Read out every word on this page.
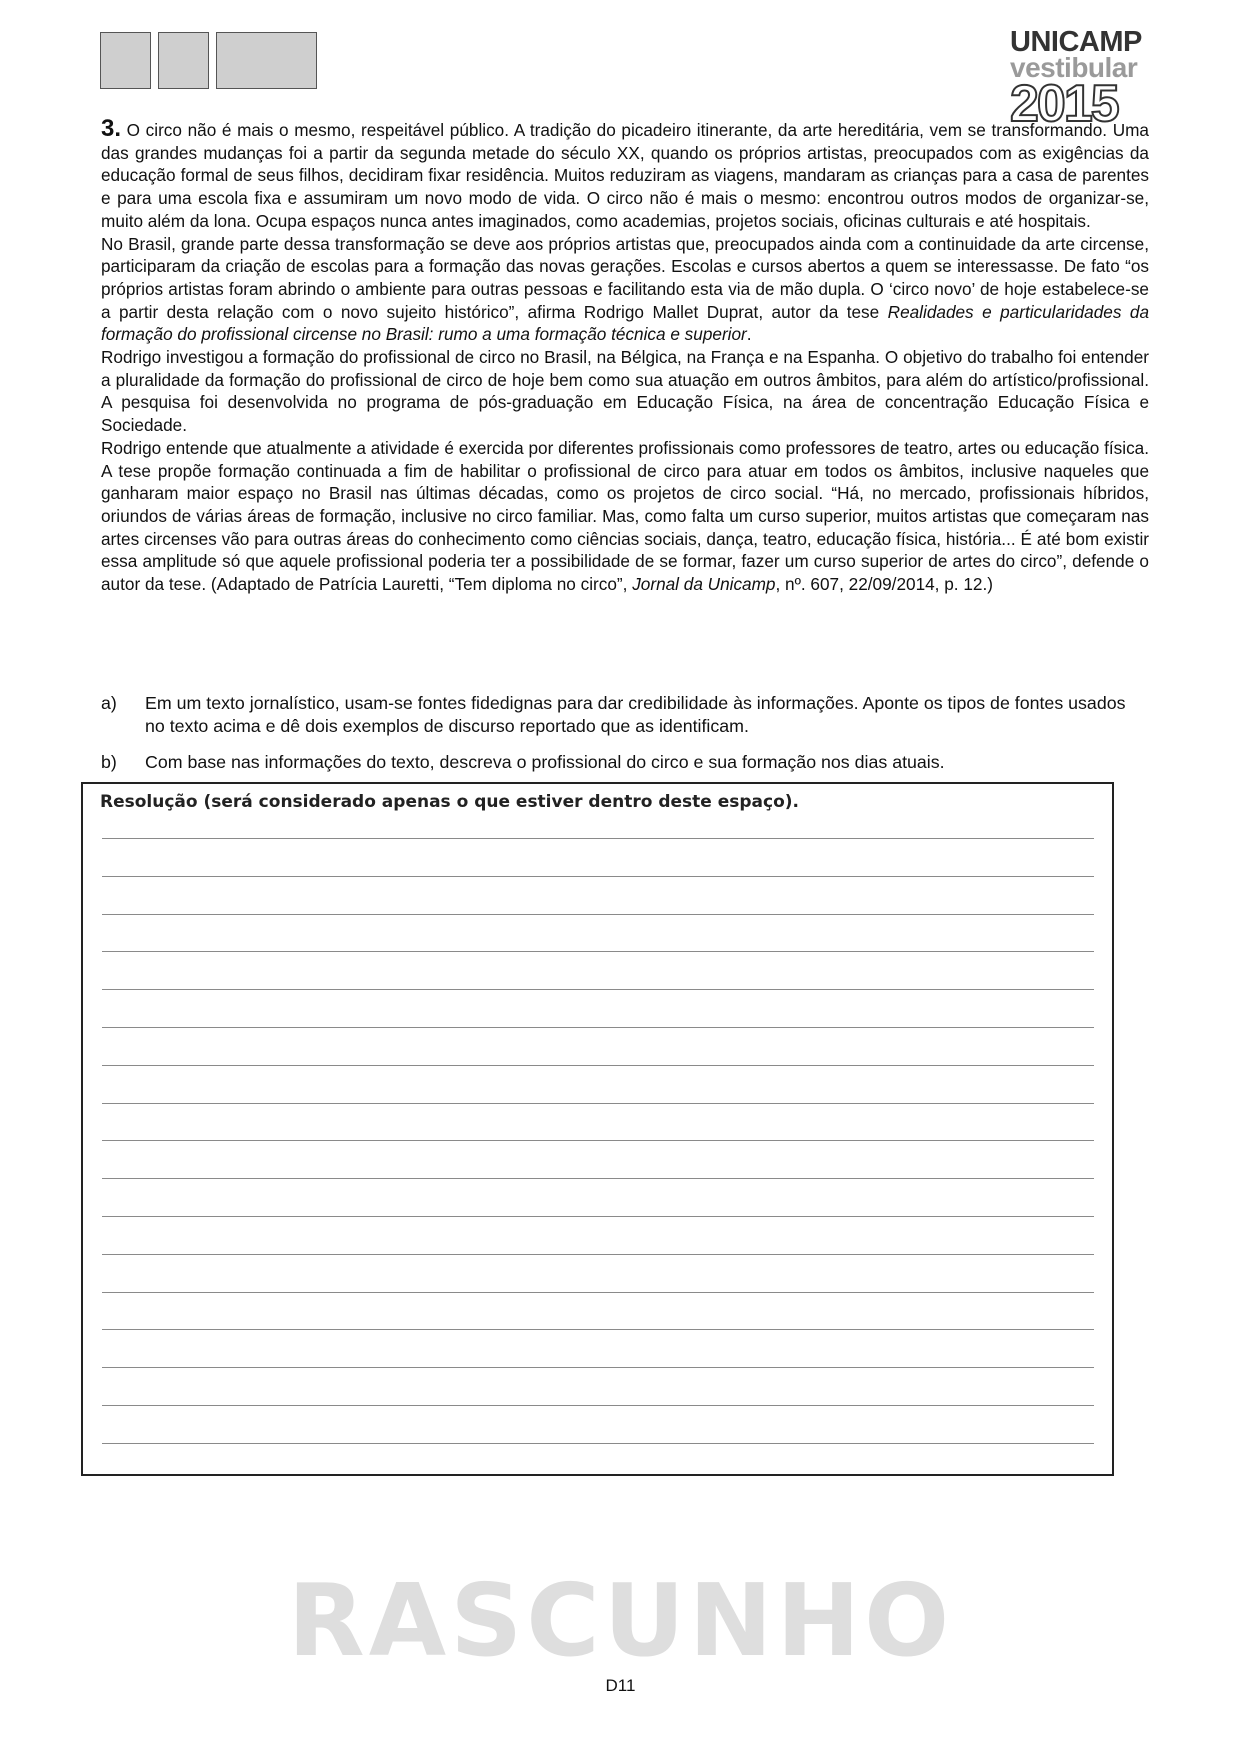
UNICAMP
vestibular
2015

3. O circo não é mais o mesmo, respeitável público. A tradição do picadeiro itinerante, da arte hereditária, vem se transformando. Uma das grandes mudanças foi a partir da segunda metade do século XX, quando os próprios artistas, preocupados com as exigências da educação formal de seus filhos, decidiram fixar residência. Muitos reduziram as viagens, mandaram as crianças para a casa de parentes e para uma escola fixa e assumiram um novo modo de vida. O circo não é mais o mesmo: encontrou outros modos de organizar-se, muito além da lona. Ocupa espaços nunca antes imaginados, como academias, projetos sociais, oficinas culturais e até hospitais.

No Brasil, grande parte dessa transformação se deve aos próprios artistas que, preocupados ainda com a continuidade da arte circense, participaram da criação de escolas para a formação das novas gerações. Escolas e cursos abertos a quem se interessasse. De fato “os próprios artistas foram abrindo o ambiente para outras pessoas e facilitando esta via de mão dupla. O ‘circo novo’ de hoje estabelece-se a partir desta relação com o novo sujeito histórico”, afirma Rodrigo Mallet Duprat, autor da tese Realidades e particularidades da formação do profissional circense no Brasil: rumo a uma formação técnica e superior.

Rodrigo investigou a formação do profissional de circo no Brasil, na Bélgica, na França e na Espanha. O objetivo do trabalho foi entender a pluralidade da formação do profissional de circo de hoje bem como sua atuação em outros âmbitos, para além do artístico/profissional. A pesquisa foi desenvolvida no programa de pós-graduação em Educação Física, na área de concentração Educação Física e Sociedade.

Rodrigo entende que atualmente a atividade é exercida por diferentes profissionais como professores de teatro, artes ou educação física. A tese propõe formação continuada a fim de habilitar o profissional de circo para atuar em todos os âmbitos, inclusive naqueles que ganharam maior espaço no Brasil nas últimas décadas, como os projetos de circo social. “Há, no mercado, profissionais híbridos, oriundos de várias áreas de formação, inclusive no circo familiar. Mas, como falta um curso superior, muitos artistas que começaram nas artes circenses vão para outras áreas do conhecimento como ciências sociais, dança, teatro, educação física, história... É até bom existir essa amplitude só que aquele profissional poderia ter a possibilidade de se formar, fazer um curso superior de artes do circo”, defende o autor da tese. (Adaptado de Patrícia Lauretti, “Tem diploma no circo”, Jornal da Unicamp, nº. 607, 22/09/2014, p. 12.)

a)	Em um texto jornalístico, usam-se fontes fidedignas para dar credibilidade às informações. Aponte os tipos de fontes usados no texto acima e dê dois exemplos de discurso reportado que as identificam.
b)	Com base nas informações do texto, descreva o profissional do circo e sua formação nos dias atuais.
Resolução (será considerado apenas o que estiver dentro deste espaço).
RASCUNHO
D11
